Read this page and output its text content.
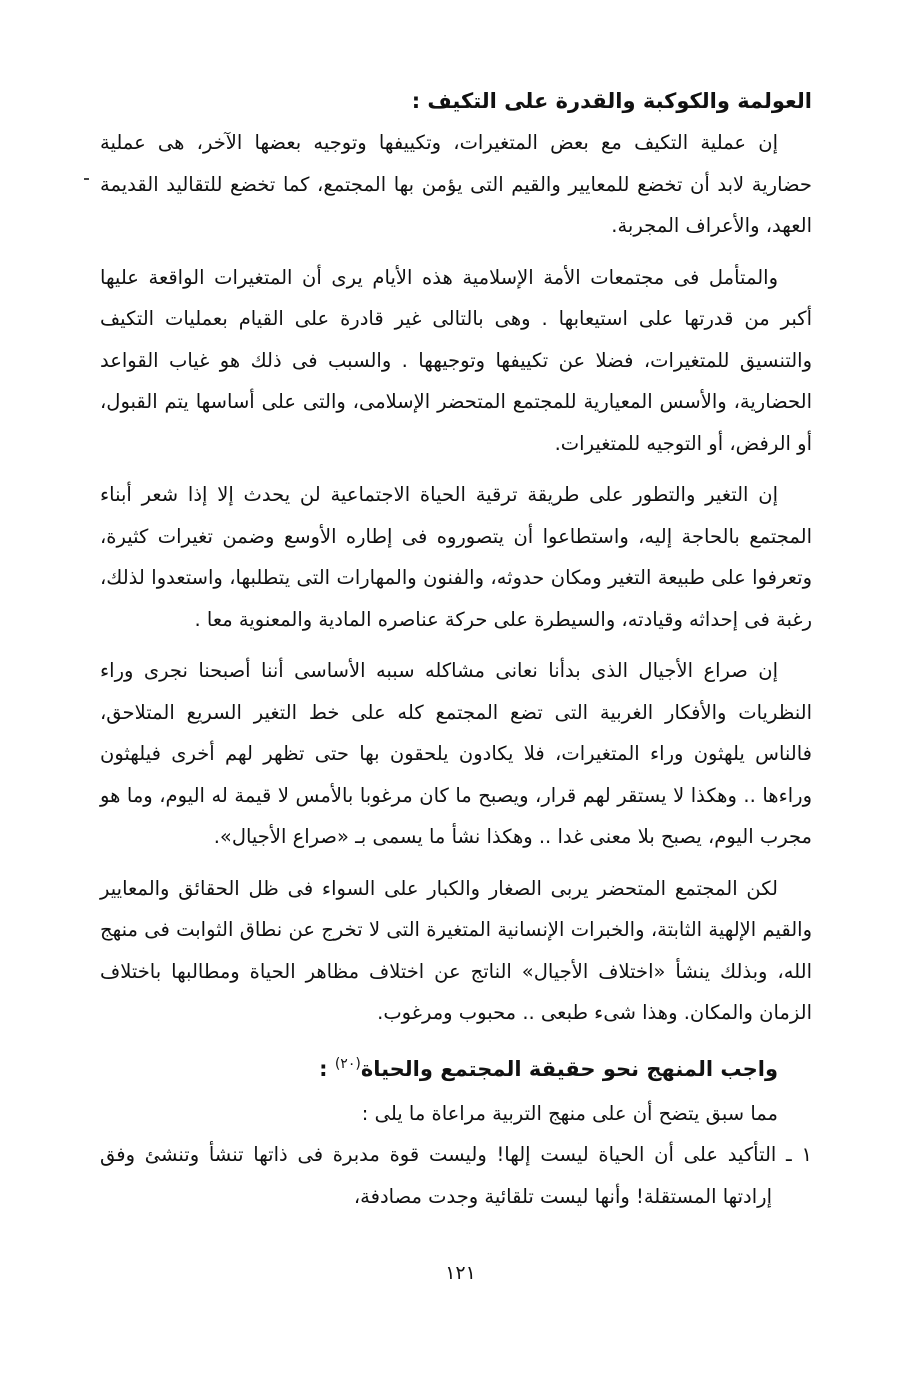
العولمة والكوكبة والقدرة على التكيف :

إن عملية التكيف مع بعض المتغيرات، وتكييفها وتوجيه بعضها الآخر، هى عملية حضارية لابد أن تخضع للمعايير والقيم التى يؤمن بها المجتمع، كما تخضع للتقاليد القديمة العهد، والأعراف المجربة.

والمتأمل فى مجتمعات الأمة الإسلامية هذه الأيام يرى أن المتغيرات الواقعة عليها أكبر من قدرتها على استيعابها . وهى بالتالى غير قادرة على القيام بعمليات التكيف والتنسيق للمتغيرات، فضلا عن تكييفها وتوجيهها . والسبب فى ذلك هو غياب القواعد الحضارية، والأسس المعيارية للمجتمع المتحضر الإسلامى، والتى على أساسها يتم القبول، أو الرفض، أو التوجيه للمتغيرات.

إن التغير والتطور على طريقة ترقية الحياة الاجتماعية لن يحدث إلا إذا شعر أبناء المجتمع بالحاجة إليه، واستطاعوا أن يتصوروه فى إطاره الأوسع وضمن تغيرات كثيرة، وتعرفوا على طبيعة التغير ومكان حدوثه، والفنون والمهارات التى يتطلبها، واستعدوا لذلك، رغبة فى إحداثه وقيادته، والسيطرة على حركة عناصره المادية والمعنوية معا .

إن صراع الأجيال الذى بدأنا نعانى مشاكله سببه الأساسى أننا أصبحنا نجرى وراء النظريات والأفكار الغربية التى تضع المجتمع كله على خط التغير السريع المتلاحق، فالناس يلهثون وراء المتغيرات، فلا يكادون يلحقون بها حتى تظهر لهم أخرى فيلهثون وراءها .. وهكذا لا يستقر لهم قرار، ويصبح ما كان مرغوبا بالأمس لا قيمة له اليوم، وما هو مجرب اليوم، يصبح بلا معنى غدا .. وهكذا نشأ ما يسمى بـ «صراع الأجيال».

لكن المجتمع المتحضر يربى الصغار والكبار على السواء فى ظل الحقائق والمعايير والقيم الإلهية الثابتة، والخبرات الإنسانية المتغيرة التى لا تخرج عن نطاق الثوابت فى منهج الله، وبذلك ينشأ «اختلاف الأجيال» الناتج عن اختلاف مظاهر الحياة ومطالبها باختلاف الزمان والمكان. وهذا شىء طبعى .. محبوب ومرغوب.

واجب المنهج نحو حقيقة المجتمع والحياة$^{(٢٠)}$ :

مما سبق يتضح أن على منهج التربية مراعاة ما يلى :

١ ـ التأكيد على أن الحياة ليست إلها! وليست قوة مدبرة فى ذاتها تنشأ وتنشئ وفق إرادتها المستقلة! وأنها ليست تلقائية وجدت مصادفة،

١٢١
